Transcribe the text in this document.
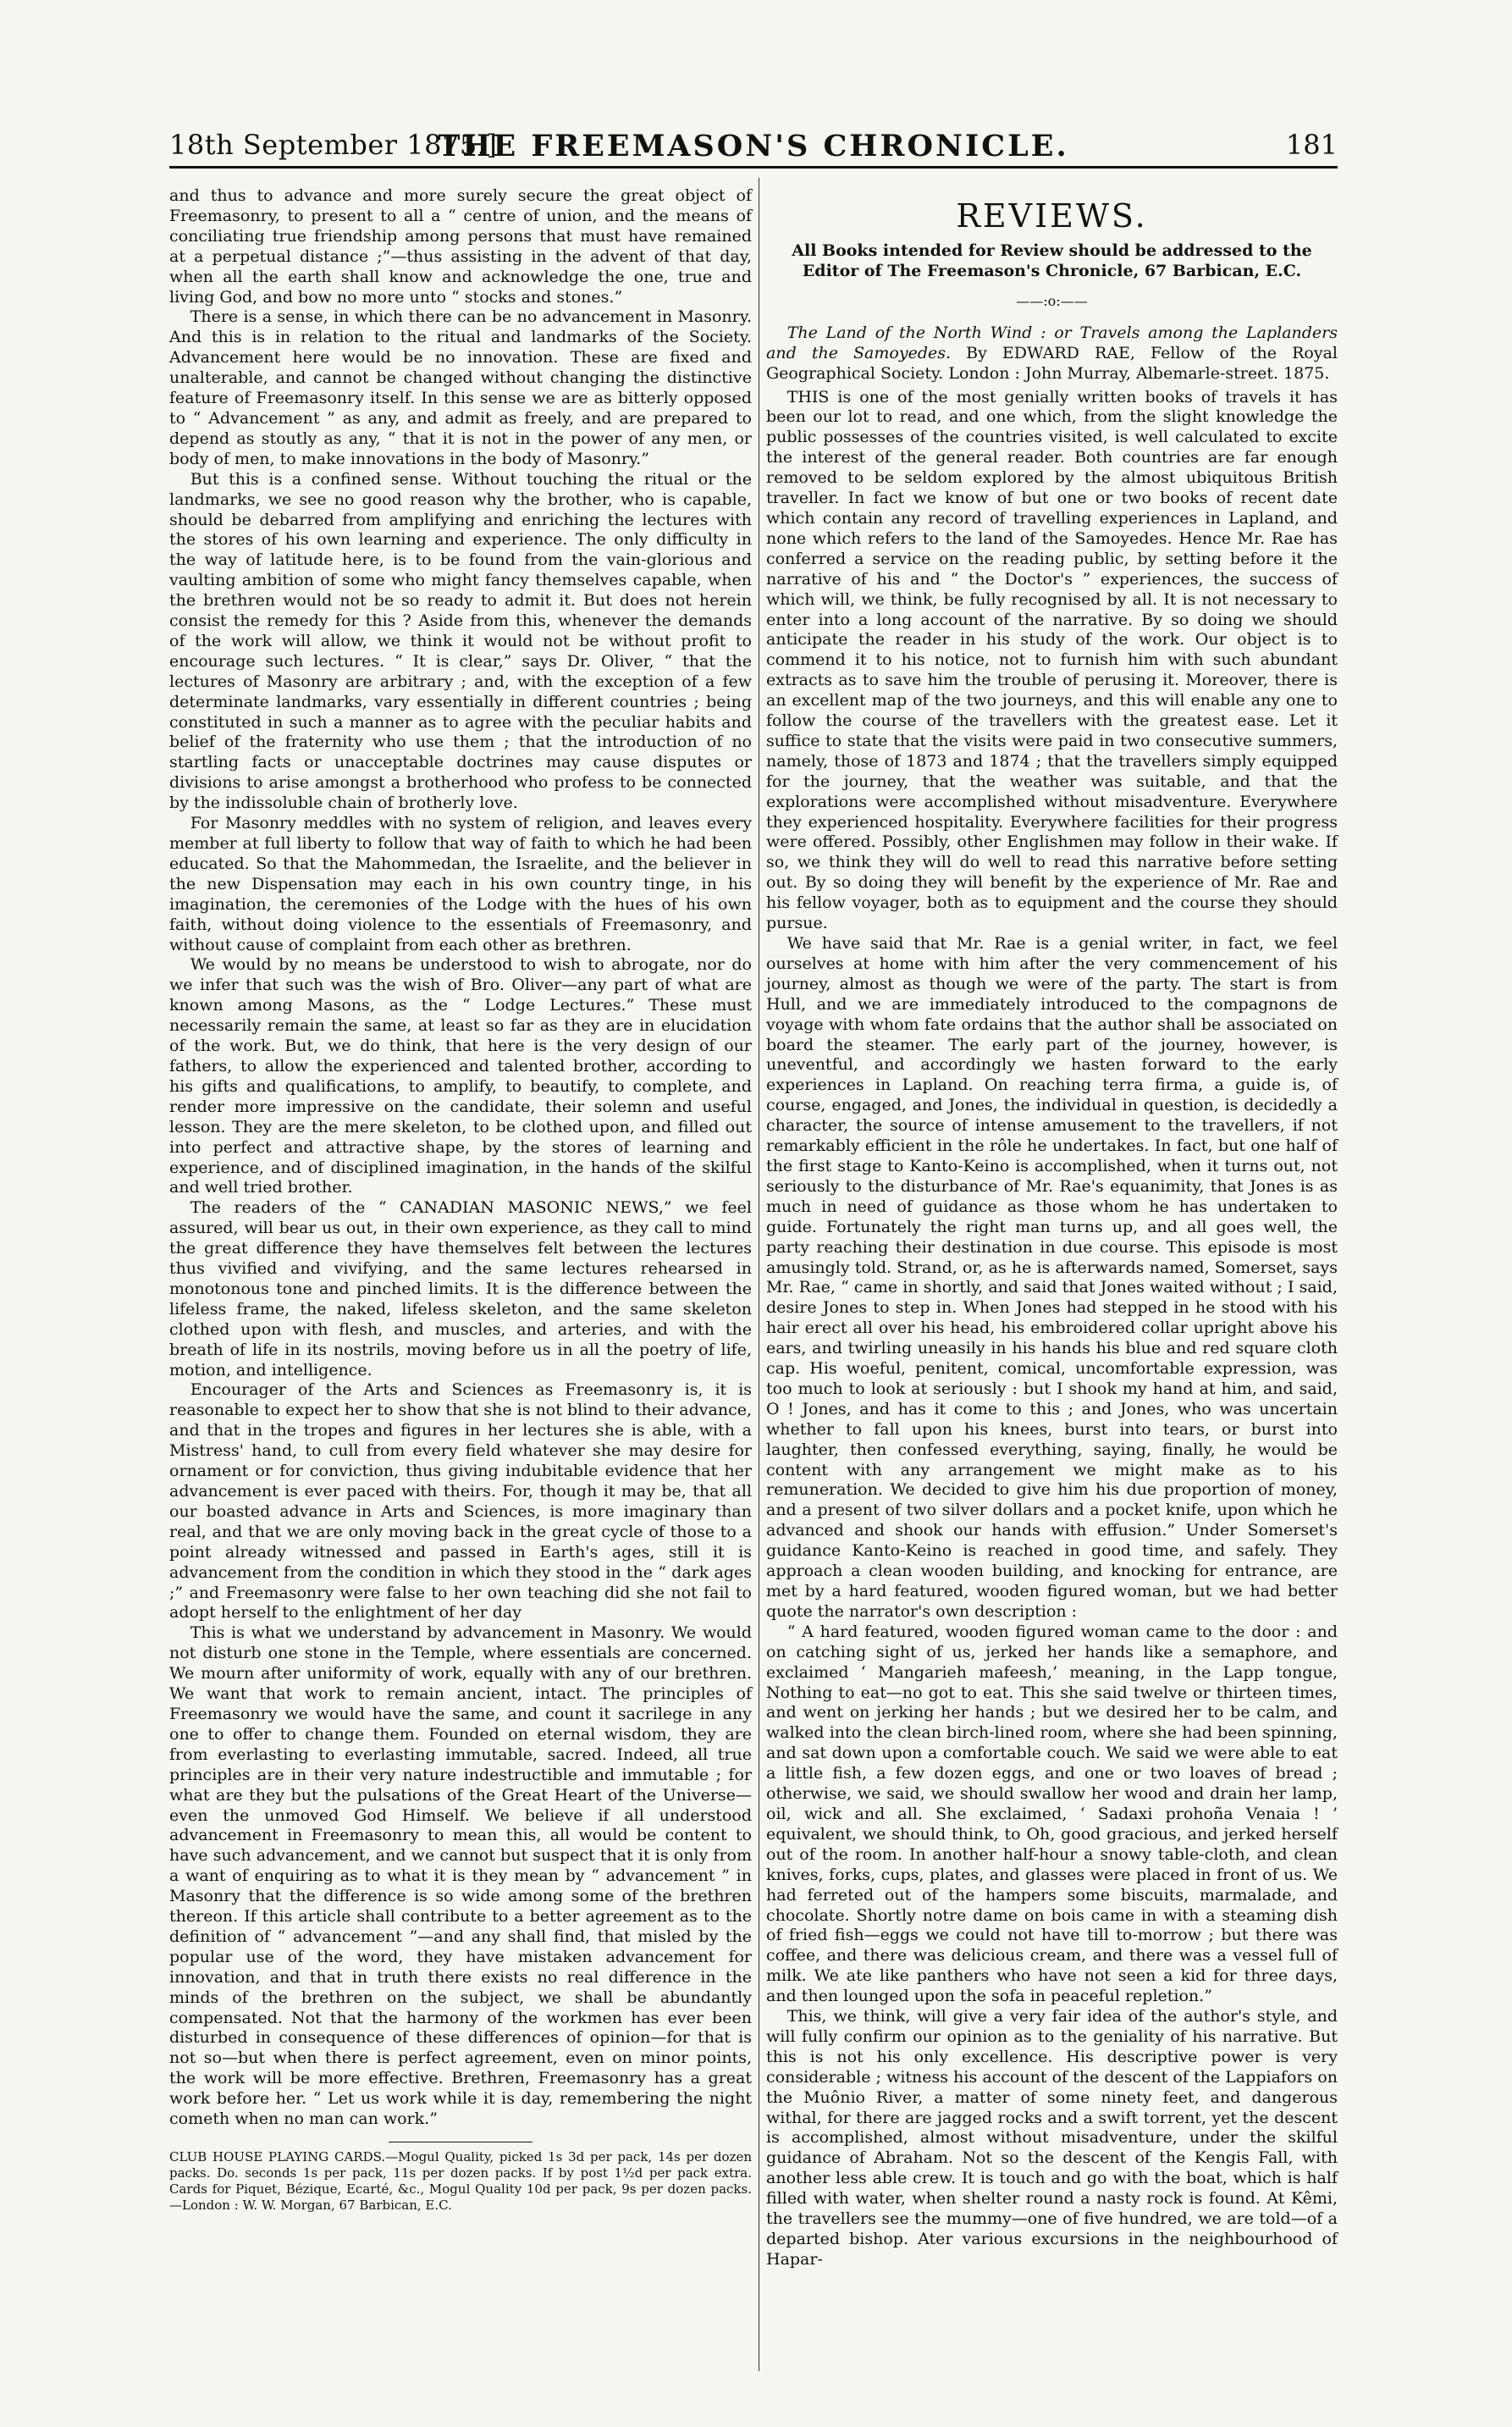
18th September 1875.]
THE FREEMASON'S CHRONICLE.	181

and thus to advance and more surely secure the great object of Freemasonry, to present to all a “ centre of union, and the means of conciliating true friendship among persons that must have remained at a perpetual distance ;”—thus assisting in the advent of that day, when all the earth shall know and acknowledge the one, true and living God, and bow no more unto “ stocks and stones.”

There is a sense, in which there can be no advancement in Masonry. And this is in relation to the ritual and landmarks of the Society. Advancement here would be no innovation. These are fixed and unalterable, and cannot be changed without changing the distinctive feature of Freemasonry itself. In this sense we are as bitterly opposed to “ Advancement ” as any, and admit as freely, and are prepared to depend as stoutly as any, “ that it is not in the power of any men, or body of men, to make innovations in the body of Masonry.”

But this is a confined sense. Without touching the ritual or the landmarks, we see no good reason why the brother, who is capable, should be debarred from amplifying and enriching the lectures with the stores of his own learning and experience. The only difficulty in the way of latitude here, is to be found from the vain-glorious and vaulting ambition of some who might fancy themselves capable, when the brethren would not be so ready to admit it. But does not herein consist the remedy for this ? Aside from this, whenever the demands of the work will allow, we think it would not be without profit to encourage such lectures. “ It is clear,” says Dr. Oliver, “ that the lectures of Masonry are arbitrary ; and, with the exception of a few determinate landmarks, vary essentially in different countries ; being constituted in such a manner as to agree with the peculiar habits and belief of the fraternity who use them ; that the introduction of no startling facts or unacceptable doctrines may cause disputes or divisions to arise amongst a brotherhood who profess to be connected by the indissoluble chain of brotherly love.

For Masonry meddles with no system of religion, and leaves every member at full liberty to follow that way of faith to which he had been educated. So that the Mahommedan, the Israelite, and the believer in the new Dispensation may each in his own country tinge, in his imagination, the ceremonies of the Lodge with the hues of his own faith, without doing violence to the essentials of Freemasonry, and without cause of complaint from each other as brethren.

We would by no means be understood to wish to abrogate, nor do we infer that such was the wish of Bro. Oliver—any part of what are known among Masons, as the “ Lodge Lectures.” These must necessarily remain the same, at least so far as they are in elucidation of the work. But, we do think, that here is the very design of our fathers, to allow the experienced and talented brother, according to his gifts and qualifications, to amplify, to beautify, to complete, and render more impressive on the candidate, their solemn and useful lesson. They are the mere skeleton, to be clothed upon, and filled out into perfect and attractive shape, by the stores of learning and experience, and of disciplined imagination, in the hands of the skilful and well tried brother.

The readers of the “ CANADIAN MASONIC NEWS,” we feel assured, will bear us out, in their own experience, as they call to mind the great difference they have themselves felt between the lectures thus vivified and vivifying, and the same lectures rehearsed in monotonous tone and pinched limits. It is the difference between the lifeless frame, the naked, lifeless skeleton, and the same skeleton clothed upon with flesh, and muscles, and arteries, and with the breath of life in its nostrils, moving before us in all the poetry of life, motion, and intelligence.

Encourager of the Arts and Sciences as Freemasonry is, it is reasonable to expect her to show that she is not blind to their advance, and that in the tropes and figures in her lectures she is able, with a Mistress' hand, to cull from every field whatever she may desire for ornament or for conviction, thus giving indubitable evidence that her advancement is ever paced with theirs. For, though it may be, that all our boasted advance in Arts and Sciences, is more imaginary than real, and that we are only moving back in the great cycle of those to a point already witnessed and passed in Earth's ages, still it is advancement from the condition in which they stood in the “ dark ages ;” and Freemasonry were false to her own teaching did she not fail to adopt herself to the enlightment of her day

This is what we understand by advancement in Masonry. We would not disturb one stone in the Temple, where essentials are concerned. We mourn after uniformity of work, equally with any of our brethren. We want that work to remain ancient, intact. The principles of Freemasonry we would have the same, and count it sacrilege in any one to offer to change them. Founded on eternal wisdom, they are from everlasting to everlasting immutable, sacred. Indeed, all true principles are in their very nature indestructible and immutable ; for what are they but the pulsations of the Great Heart of the Universe—even the unmoved God Himself. We believe if all understood advancement in Freemasonry to mean this, all would be content to have such advancement, and we cannot but suspect that it is only from a want of enquiring as to what it is they mean by “ advancement ” in Masonry that the difference is so wide among some of the brethren thereon. If this article shall contribute to a better agreement as to the definition of “ advancement ”—and any shall find, that misled by the popular use of the word, they have mistaken advancement for innovation, and that in truth there exists no real difference in the minds of the brethren on the subject, we shall be abundantly compensated. Not that the harmony of the workmen has ever been disturbed in consequence of these differences of opinion—for that is not so—but when there is perfect agreement, even on minor points, the work will be more effective. Brethren, Freemasonry has a great work before her. “ Let us work while it is day, remembering the night cometh when no man can work.”

CLUB HOUSE PLAYING CARDS.—Mogul Quality, picked 1s 3d per pack, 14s per dozen packs. Do. seconds 1s per pack, 11s per dozen packs. If by post 1½d per pack extra. Cards for Piquet, Bézique, Ecarté, &c., Mogul Quality 10d per pack, 9s per dozen packs.—London : W. W. Morgan, 67 Barbican, E.C.

REVIEWS.
All Books intended for Review should be addressed to the Editor of The Freemason's Chronicle, 67 Barbican, E.C.
——:o:——

The Land of the North Wind : or Travels among the Laplanders and the Samoyedes. By EDWARD RAE, Fellow of the Royal Geographical Society. London : John Murray, Albemarle-street. 1875.

THIS is one of the most genially written books of travels it has been our lot to read, and one which, from the slight knowledge the public possesses of the countries visited, is well calculated to excite the interest of the general reader. Both countries are far enough removed to be seldom explored by the almost ubiquitous British traveller. In fact we know of but one or two books of recent date which contain any record of travelling experiences in Lapland, and none which refers to the land of the Samoyedes. Hence Mr. Rae has conferred a service on the reading public, by setting before it the narrative of his and “ the Doctor's ” experiences, the success of which will, we think, be fully recognised by all. It is not necessary to enter into a long account of the narrative. By so doing we should anticipate the reader in his study of the work. Our object is to commend it to his notice, not to furnish him with such abundant extracts as to save him the trouble of perusing it. Moreover, there is an excellent map of the two journeys, and this will enable any one to follow the course of the travellers with the greatest ease. Let it suffice to state that the visits were paid in two consecutive summers, namely, those of 1873 and 1874 ; that the travellers simply equipped for the journey, that the weather was suitable, and that the explorations were accomplished without misadventure. Everywhere they experienced hospitality. Everywhere facilities for their progress were offered. Possibly, other Englishmen may follow in their wake. If so, we think they will do well to read this narrative before setting out. By so doing they will benefit by the experience of Mr. Rae and his fellow voyager, both as to equipment and the course they should pursue.

We have said that Mr. Rae is a genial writer, in fact, we feel ourselves at home with him after the very commencement of his journey, almost as though we were of the party. The start is from Hull, and we are immediately introduced to the compagnons de voyage with whom fate ordains that the author shall be associated on board the steamer. The early part of the journey, however, is uneventful, and accordingly we hasten forward to the early experiences in Lapland. On reaching terra firma, a guide is, of course, engaged, and Jones, the individual in question, is decidedly a character, the source of intense amusement to the travellers, if not remarkably efficient in the rôle he undertakes. In fact, but one half of the first stage to Kanto-Keino is accomplished, when it turns out, not seriously to the disturbance of Mr. Rae's equanimity, that Jones is as much in need of guidance as those whom he has undertaken to guide. Fortunately the right man turns up, and all goes well, the party reaching their destination in due course. This episode is most amusingly told. Strand, or, as he is afterwards named, Somerset, says Mr. Rae, “ came in shortly, and said that Jones waited without ; I said, desire Jones to step in. When Jones had stepped in he stood with his hair erect all over his head, his embroidered collar upright above his ears, and twirling uneasily in his hands his blue and red square cloth cap. His woeful, penitent, comical, uncomfortable expression, was too much to look at seriously : but I shook my hand at him, and said, O ! Jones, and has it come to this ; and Jones, who was uncertain whether to fall upon his knees, burst into tears, or burst into laughter, then confessed everything, saying, finally, he would be content with any arrangement we might make as to his remuneration. We decided to give him his due proportion of money, and a present of two silver dollars and a pocket knife, upon which he advanced and shook our hands with effusion.” Under Somerset's guidance Kanto-Keino is reached in good time, and safely. They approach a clean wooden building, and knocking for entrance, are met by a hard featured, wooden figured woman, but we had better quote the narrator's own description :

“ A hard featured, wooden figured woman came to the door : and on catching sight of us, jerked her hands like a semaphore, and exclaimed ‘ Mangarieh mafeesh,’ meaning, in the Lapp tongue, Nothing to eat—no got to eat. This she said twelve or thirteen times, and went on jerking her hands ; but we desired her to be calm, and walked into the clean birch-lined room, where she had been spinning, and sat down upon a comfortable couch. We said we were able to eat a little fish, a few dozen eggs, and one or two loaves of bread ; otherwise, we said, we should swallow her wood and drain her lamp, oil, wick and all. She exclaimed, ‘ Sadaxi prohoña Venaia ! ’ equivalent, we should think, to Oh, good gracious, and jerked herself out of the room. In another half-hour a snowy table-cloth, and clean knives, forks, cups, plates, and glasses were placed in front of us. We had ferreted out of the hampers some biscuits, marmalade, and chocolate. Shortly notre dame on bois came in with a steaming dish of fried fish—eggs we could not have till to-morrow ; but there was coffee, and there was delicious cream, and there was a vessel full of milk. We ate like panthers who have not seen a kid for three days, and then lounged upon the sofa in peaceful repletion.”

This, we think, will give a very fair idea of the author's style, and will fully confirm our opinion as to the geniality of his narrative. But this is not his only excellence. His descriptive power is very considerable ; witness his account of the descent of the Lappiafors on the Muônio River, a matter of some ninety feet, and dangerous withal, for there are jagged rocks and a swift torrent, yet the descent is accomplished, almost without misadventure, under the skilful guidance of Abraham. Not so the descent of the Kengis Fall, with another less able crew. It is touch and go with the boat, which is half filled with water, when shelter round a nasty rock is found. At Kêmi, the travellers see the mummy—one of five hundred, we are told—of a departed bishop. Ater various excursions in the neighbourhood of Hapar-
